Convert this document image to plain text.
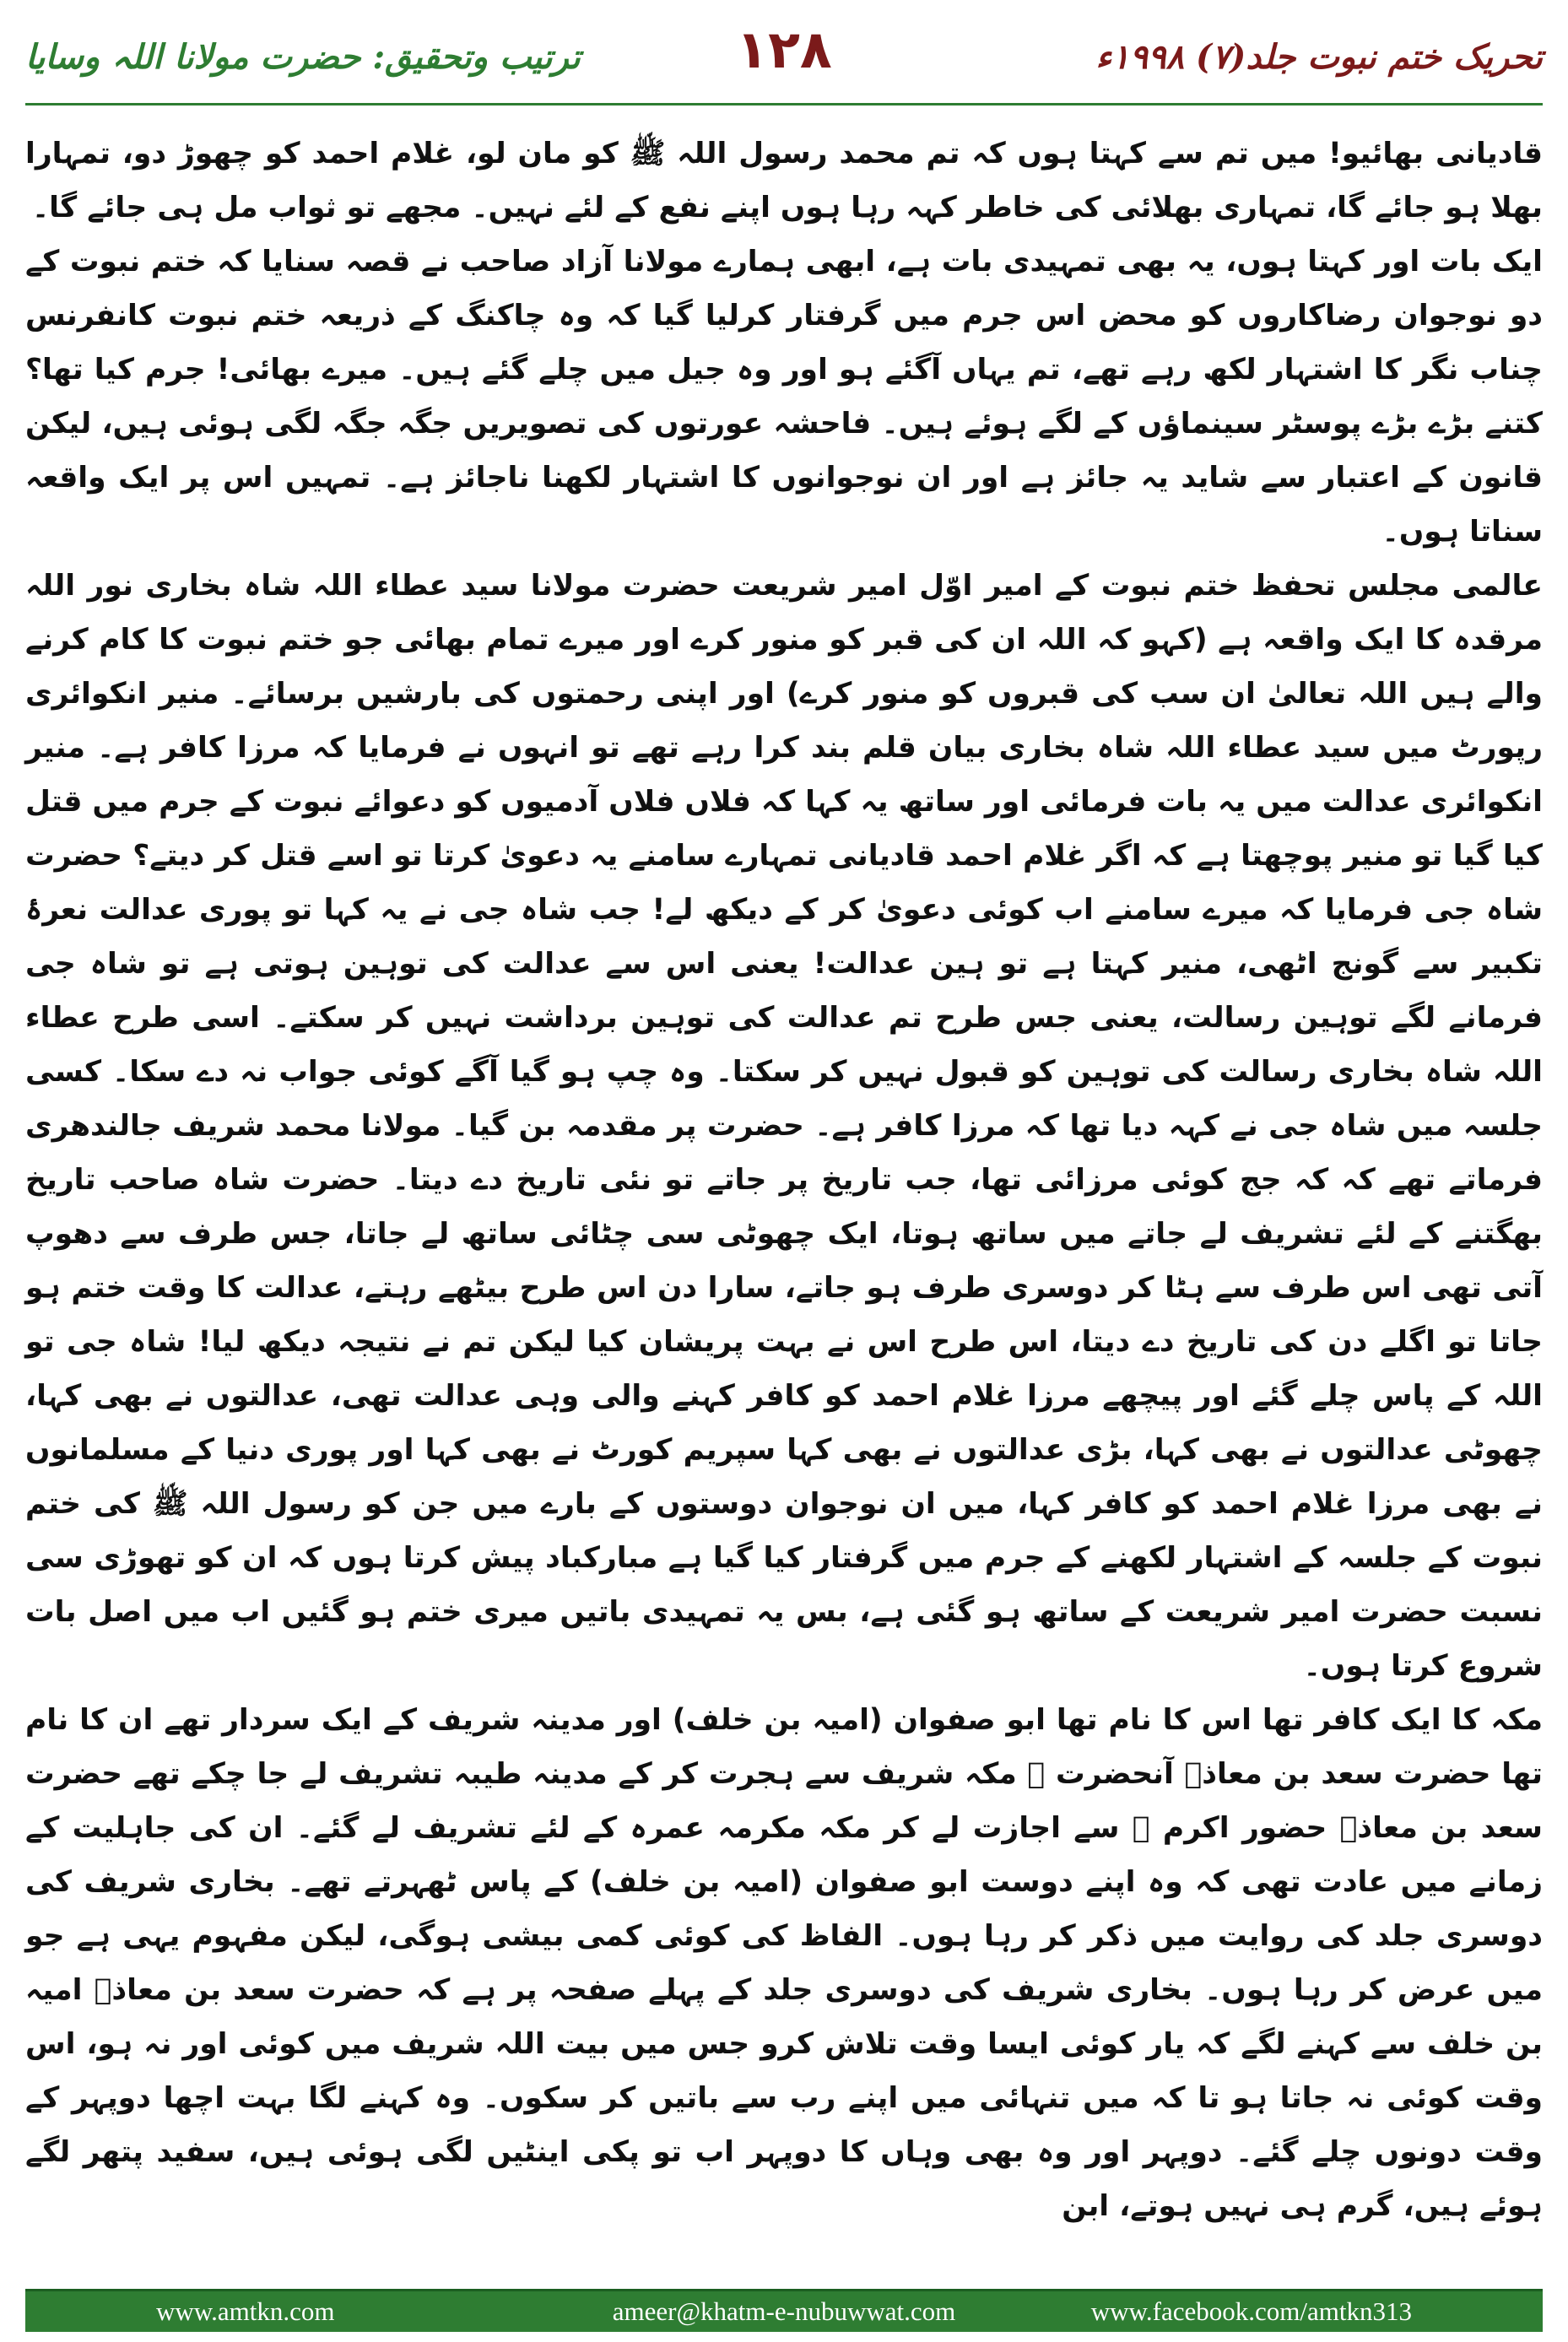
تحریک ختم نبوت جلد(۷) ۱۹۹۸ء
۱۲۸
ترتیب وتحقیق: حضرت مولانا اللہ وسایا

قادیانی بھائیو! میں تم سے کہتا ہوں کہ تم محمد رسول اللہ ﷺ کو مان لو، غلام احمد کو چھوڑ دو، تمہارا بھلا ہو جائے گا، تمہاری بھلائی کی خاطر کہہ رہا ہوں اپنے نفع کے لئے نہیں۔ مجھے تو ثواب مل ہی جائے گا۔

ایک بات اور کہتا ہوں، یہ بھی تمہیدی بات ہے، ابھی ہمارے مولانا آزاد صاحب نے قصہ سنایا کہ ختم نبوت کے دو نوجوان رضاکاروں کو محض اس جرم میں گرفتار کرلیا گیا کہ وہ چاکنگ کے ذریعہ ختم نبوت کانفرنس چناب نگر کا اشتہار لکھ رہے تھے، تم یہاں آگئے ہو اور وہ جیل میں چلے گئے ہیں۔ میرے بھائی! جرم کیا تھا؟ کتنے بڑے بڑے پوسٹر سینماؤں کے لگے ہوئے ہیں۔ فاحشہ عورتوں کی تصویریں جگہ جگہ لگی ہوئی ہیں، لیکن قانون کے اعتبار سے شاید یہ جائز ہے اور ان نوجوانوں کا اشتہار لکھنا ناجائز ہے۔ تمہیں اس پر ایک واقعہ سناتا ہوں۔

عالمی مجلس تحفظ ختم نبوت کے امیر اوّل امیر شریعت حضرت مولانا سید عطاء اللہ شاہ بخاری نور اللہ مرقدہ کا ایک واقعہ ہے (کہو کہ اللہ ان کی قبر کو منور کرے اور میرے تمام بھائی جو ختم نبوت کا کام کرنے والے ہیں اللہ تعالیٰ ان سب کی قبروں کو منور کرے) اور اپنی رحمتوں کی بارشیں برسائے۔ منیر انکوائری رپورٹ میں سید عطاء اللہ شاہ بخاری بیان قلم بند کرا رہے تھے تو انہوں نے فرمایا کہ مرزا کافر ہے۔ منیر انکوائری عدالت میں یہ بات فرمائی اور ساتھ یہ کہا کہ فلاں فلاں آدمیوں کو دعوائے نبوت کے جرم میں قتل کیا گیا تو منیر پوچھتا ہے کہ اگر غلام احمد قادیانی تمہارے سامنے یہ دعویٰ کرتا تو اسے قتل کر دیتے؟ حضرت شاہ جی فرمایا کہ میرے سامنے اب کوئی دعویٰ کر کے دیکھ لے! جب شاہ جی نے یہ کہا تو پوری عدالت نعرۂ تکبیر سے گونج اٹھی، منیر کہتا ہے تو ہین عدالت! یعنی اس سے عدالت کی توہین ہوتی ہے تو شاہ جی فرمانے لگے توہین رسالت، یعنی جس طرح تم عدالت کی توہین برداشت نہیں کر سکتے۔ اسی طرح عطاء اللہ شاہ بخاری رسالت کی توہین کو قبول نہیں کر سکتا۔ وہ چپ ہو گیا آگے کوئی جواب نہ دے سکا۔ کسی جلسہ میں شاہ جی نے کہہ دیا تھا کہ مرزا کافر ہے۔ حضرت پر مقدمہ بن گیا۔ مولانا محمد شریف جالندھری فرماتے تھے کہ کہ جج کوئی مرزائی تھا، جب تاریخ پر جاتے تو نئی تاریخ دے دیتا۔ حضرت شاہ صاحب تاریخ بھگتنے کے لئے تشریف لے جاتے میں ساتھ ہوتا، ایک چھوٹی سی چٹائی ساتھ لے جاتا، جس طرف سے دھوپ آتی تھی اس طرف سے ہٹا کر دوسری طرف ہو جاتے، سارا دن اس طرح بیٹھے رہتے، عدالت کا وقت ختم ہو جاتا تو اگلے دن کی تاریخ دے دیتا، اس طرح اس نے بہت پریشان کیا لیکن تم نے نتیجہ دیکھ لیا! شاہ جی تو اللہ کے پاس چلے گئے اور پیچھے مرزا غلام احمد کو کافر کہنے والی وہی عدالت تھی، عدالتوں نے بھی کہا، چھوٹی عدالتوں نے بھی کہا، بڑی عدالتوں نے بھی کہا سپریم کورٹ نے بھی کہا اور پوری دنیا کے مسلمانوں نے بھی مرزا غلام احمد کو کافر کہا، میں ان نوجوان دوستوں کے بارے میں جن کو رسول اللہ ﷺ کی ختم نبوت کے جلسہ کے اشتہار لکھنے کے جرم میں گرفتار کیا گیا ہے مبارکباد پیش کرتا ہوں کہ ان کو تھوڑی سی نسبت حضرت امیر شریعت کے ساتھ ہو گئی ہے، بس یہ تمہیدی باتیں میری ختم ہو گئیں اب میں اصل بات شروع کرتا ہوں۔

مکہ کا ایک کافر تھا اس کا نام تھا ابو صفوان (امیہ بن خلف) اور مدینہ شریف کے ایک سردار تھے ان کا نام تھا حضرت سعد بن معاذؓ آنحضرت ﷺ مکہ شریف سے ہجرت کر کے مدینہ طیبہ تشریف لے جا چکے تھے حضرت سعد بن معاذؓ حضور اکرم ﷺ سے اجازت لے کر مکہ مکرمہ عمرہ کے لئے تشریف لے گئے۔ ان کی جاہلیت کے زمانے میں عادت تھی کہ وہ اپنے دوست ابو صفوان (امیہ بن خلف) کے پاس ٹھہرتے تھے۔ بخاری شریف کی دوسری جلد کی روایت میں ذکر کر رہا ہوں۔ الفاظ کی کوئی کمی بیشی ہوگی، لیکن مفہوم یہی ہے جو میں عرض کر رہا ہوں۔ بخاری شریف کی دوسری جلد کے پہلے صفحہ پر ہے کہ حضرت سعد بن معاذؓ امیہ بن خلف سے کہنے لگے کہ یار کوئی ایسا وقت تلاش کرو جس میں بیت اللہ شریف میں کوئی اور نہ ہو، اس وقت کوئی نہ جاتا ہو تا کہ میں تنہائی میں اپنے رب سے باتیں کر سکوں۔ وہ کہنے لگا بہت اچھا دوپہر کے وقت دونوں چلے گئے۔ دوپہر اور وہ بھی وہاں کا دوپہر اب تو پکی اینٹیں لگی ہوئی ہیں، سفید پتھر لگے ہوئے ہیں، گرم ہی نہیں ہوتے، ابن

www.amtkn.com	ameer@khatm-e-nubuwwat.com	www.facebook.com/amtkn313
